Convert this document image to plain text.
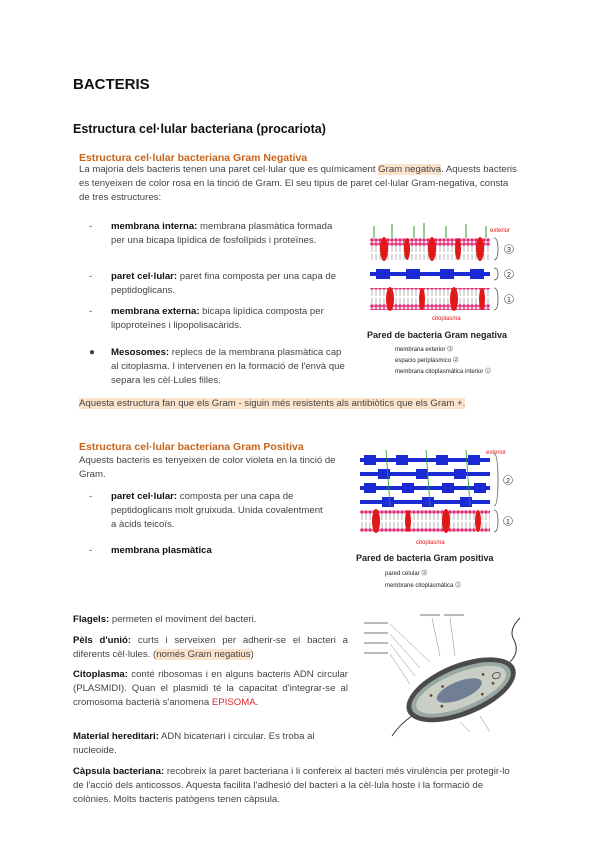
BACTERIS
Estructura cel·lular bacteriana (procariota)
Estructura cel·lular bacteriana Gram Negativa
La majoria dels bacteris tenen una paret cel·lular que es químicament Gram negativa. Aquests bacteris es tenyeixen de color rosa en la tinció de Gram. El seu tipus de paret cel·lular Gram-negativa, consta de tres estructures:
- membrana interna: membrana plasmàtica formada per una bicapa lipídica de fosfolípids i proteïnes.
- paret cel·lular: paret fina composta per una capa de peptidoglicans.
- membrana externa: bicapa lipídica composta per lipoproteïnes i lipopolisacàrids.
● Mesosomes: replecs de la membrana plasmàtica cap al citoplasma. I intervenen en la formació de l'envà que separa les cèl·Lules filles.
Aquesta estructura fan que els Gram - siguin més resistents als antibiòtics que els Gram +.
exterior
citoplasma
3
2
1
Pared de bacteria Gram negativa
membrana exterior ⓷
espacio periplásmico ⓶
membrana citoplasmática interior ⓵
Estructura cel·lular bacteriana Gram Positiva
Aquests bacteris es tenyeixen de color violeta en la tinció de Gram.
- paret cel·lular: composta per una capa de peptidoglicans molt gruixuda. Unida covalentment a àcids teicoïs.
- membrana plasmàtica
exterior
citoplasma
2
1
Pared de bacteria Gram positiva
pared celular ⓶
membrane citoplasmática ⓵
Flagels: permeten el moviment del bacteri.
Pèls d'unió: curts i serveixen per adherir-se el bacteri a diferents cèl·lules. (només Gram negatius)
Citoplasma: conté ribosomas i en alguns bacteris ADN circular (PLASMIDI). Quan el plasmidi té la capacitat d'integrar-se al cromosoma bacterià s'anomena EPISOMA.
Material hereditari: ADN bicatenari i circular. Es troba al nucleoide.
Càpsula bacteriana: recobreix la paret bacteriana i li confereix al bacteri més virulència per protegir-lo de l'acció dels anticossos. Aquesta facilita l'adhesió del bacteri a la cèl·lula hoste i la formació de colònies. Molts bacteris patògens tenen càpsula.
